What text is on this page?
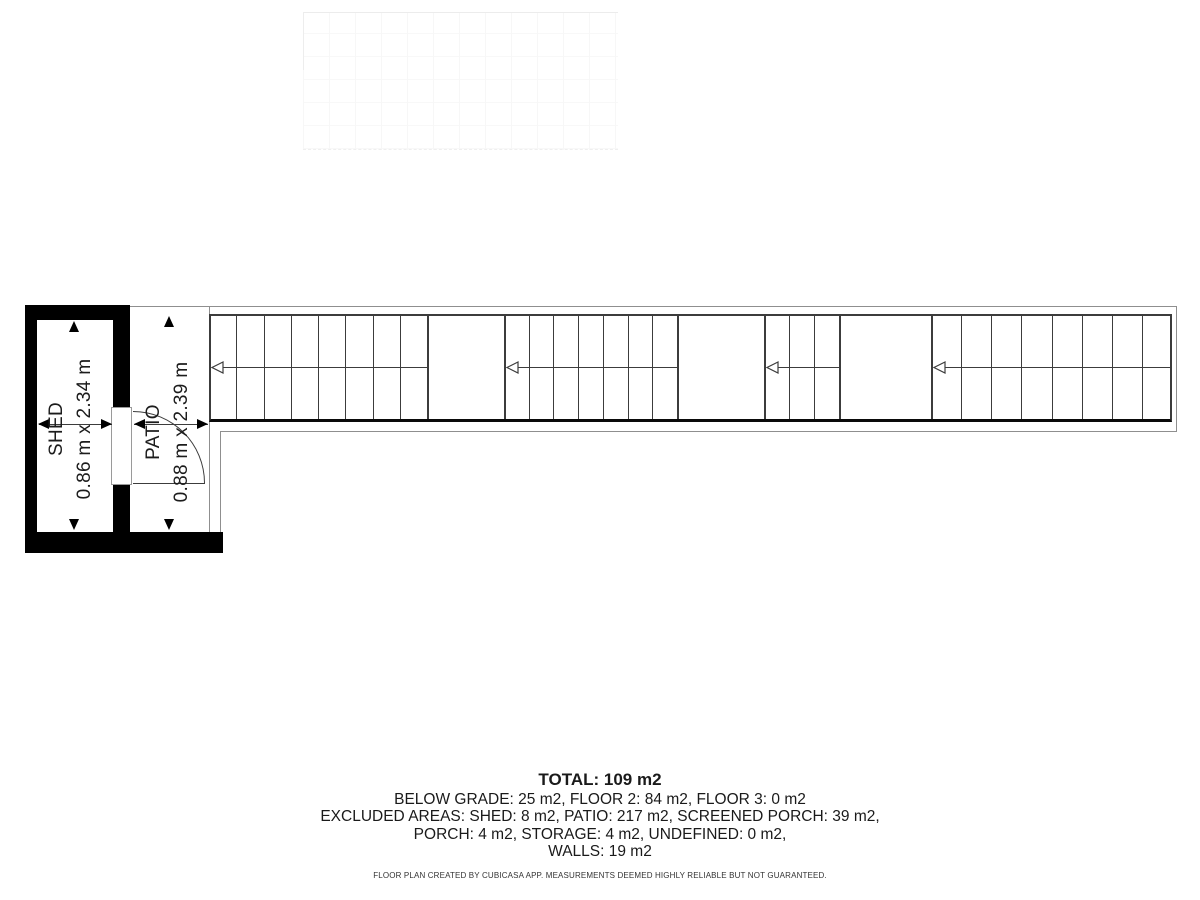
SHED 0.86 m x 2.34 m	PATIO 0.88 m x 2.39 m
TOTAL: 109 m2
BELOW GRADE: 25 m2, FLOOR 2: 84 m2, FLOOR 3: 0 m2
EXCLUDED AREAS: SHED: 8 m2, PATIO: 217 m2, SCREENED PORCH: 39 m2,
PORCH: 4 m2, STORAGE: 4 m2, UNDEFINED: 0 m2,
WALLS: 19 m2
FLOOR PLAN CREATED BY CUBICASA APP. MEASUREMENTS DEEMED HIGHLY RELIABLE BUT NOT GUARANTEED.
